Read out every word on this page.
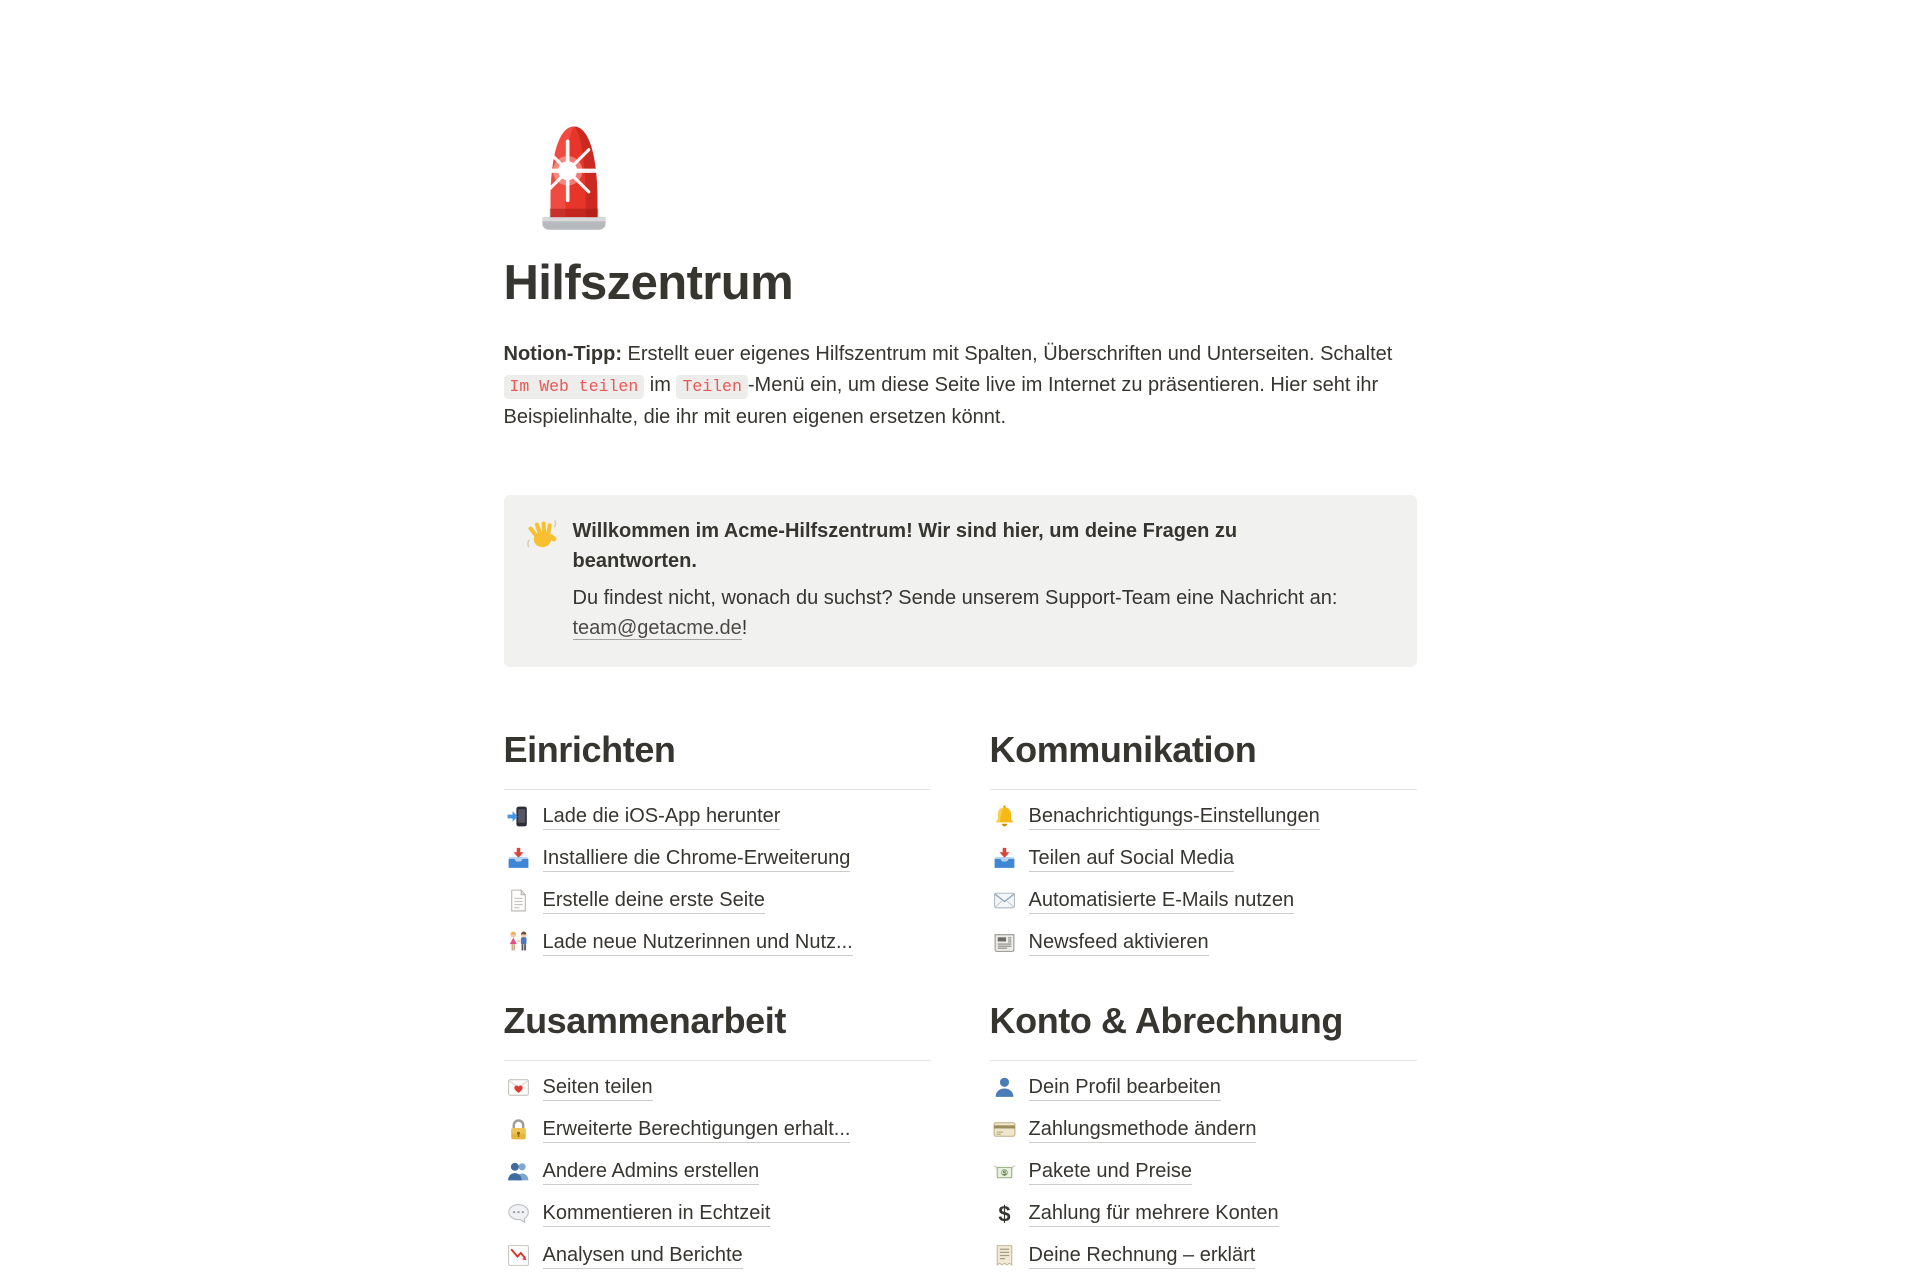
Hilfszentrum

Notion-Tipp: Erstellt euer eigenes Hilfszentrum mit Spalten, Überschriften und Unterseiten. Schaltet Im Web teilen im Teilen -Menü ein, um diese Seite live im Internet zu präsentieren. Hier seht ihr Beispielinhalte, die ihr mit euren eigenen ersetzen könnt.

Willkommen im Acme-Hilfszentrum! Wir sind hier, um deine Fragen zu beantworten.
Du findest nicht, wonach du suchst? Sende unserem Support-Team eine Nachricht an: team@getacme.de!
Einrichten
Lade die iOS-App herunter
Installiere die Chrome-Erweiterung
Erstelle deine erste Seite
Lade neue Nutzerinnen und Nutz...
Zusammenarbeit
Seiten teilen
Erweiterte Berechtigungen erhalt...
Andere Admins erstellen
Kommentieren in Echtzeit
Analysen und Berichte
Kommunikation
Benachrichtigungs-Einstellungen
Teilen auf Social Media
Automatisierte E-Mails nutzen
Newsfeed aktivieren
Konto & Abrechnung
Dein Profil bearbeiten
Zahlungsmethode ändern
Pakete und Preise
Zahlung für mehrere Konten
Deine Rechnung – erklärt
